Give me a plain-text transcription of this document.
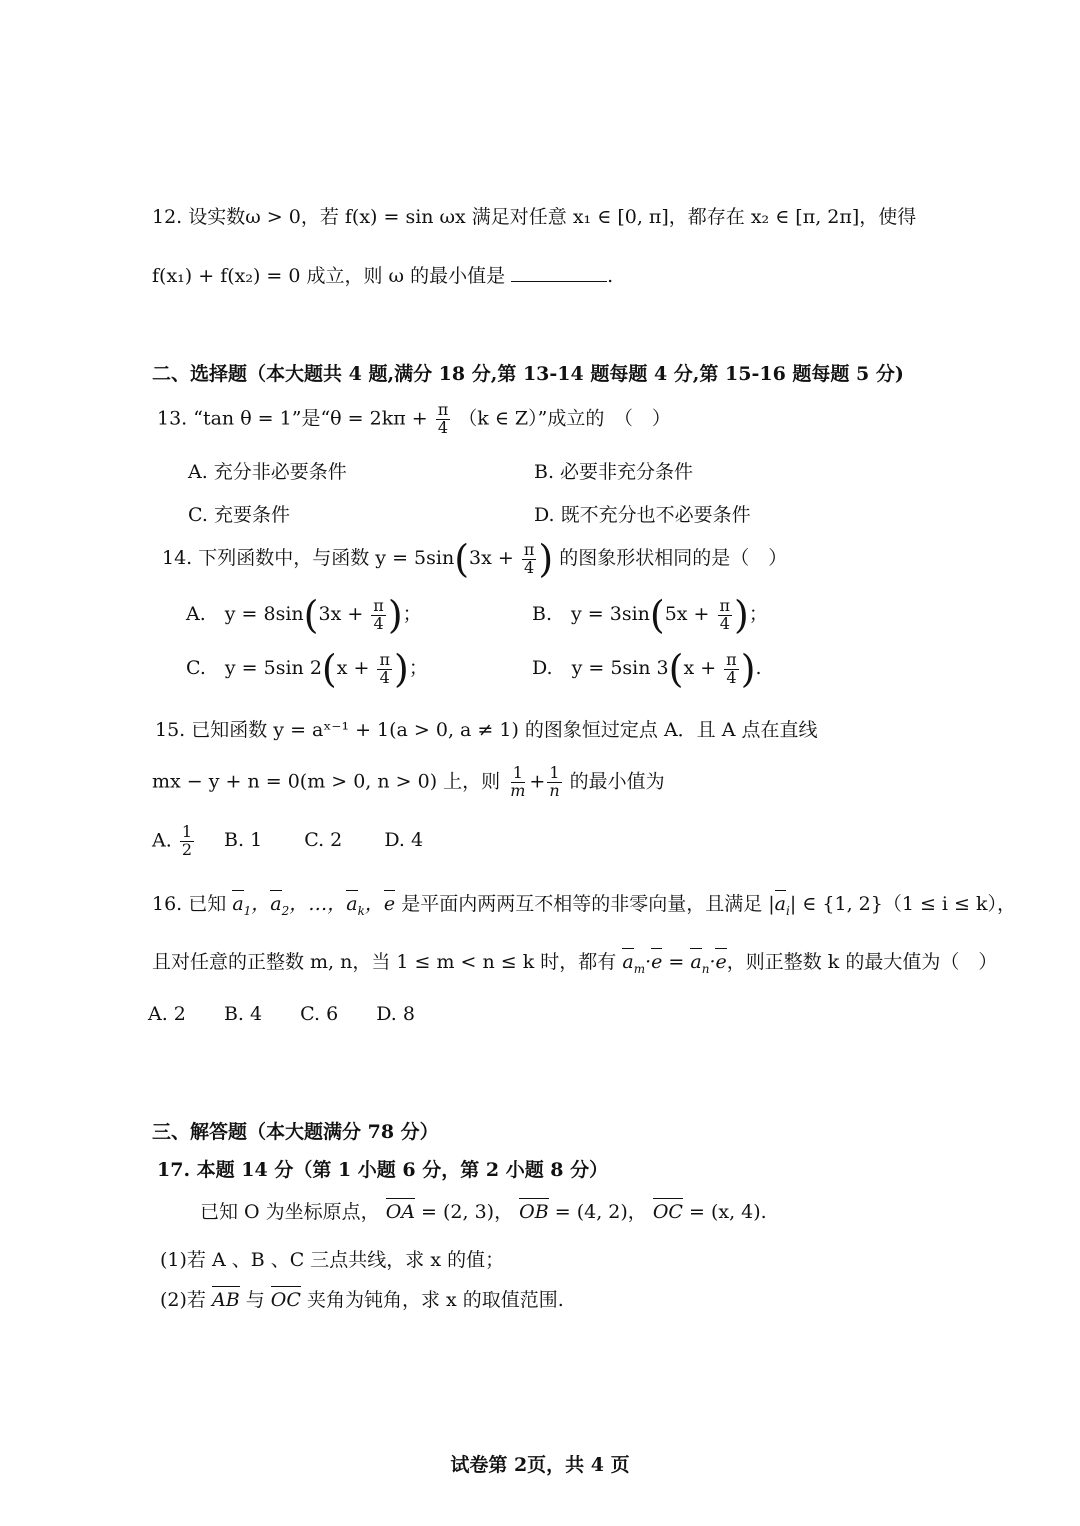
12. 设实数ω > 0，若 f(x) = sin ωx 满足对任意 x₁ ∈ [0, π]，都存在 x₂ ∈ [π, 2π]，使得
f(x₁) + f(x₂) = 0 成立，则 ω 的最小值是	.
二、选择题（本大题共 4 题,满分 18 分,第 13-14 题每题 4 分,第 15-16 题每题 5 分)
13. “tan θ = 1”是“$\theta = 2k\pi + \frac{\pi}{4} (k$ ∈ Z）”成立的　（　）
A. 充分非必要条件	B. 必要非充分条件
C. 充要条件	D. 既不充分也不必要条件
14. 下列函数中，与函数 $y = 5\sin(3x + \frac{\pi}{4}$ ) 的图象形状相同的是（　）
A.　$y = 8\sin(3x + \frac{\pi}{4}$ )；	B.　$y = 3\sin(5x + \frac{\pi}{4}$ )；
C.　y = 5sin $2(x + \frac{\pi}{4}$ )；	D.　y = 5sin $3(x + \frac{\pi}{4}$ ).
15. 已知函数 y = aˣ⁻¹ + 1(a > 0, a ≠ 1) 的图象恒过定点 A．且 A 点在直线
mx − y + n = 0(m > 0, n > 0) 上，则 $\frac{1}{m} + \frac{1}{n}$ 的最小值为
A. $\frac{1}{2} B$. 1 C. 2 D. 4
16. 已知 $a_1$，$a_2$，…，$a_k$，e 是平面内两两互不相等的非零向量，且满足 $|a_i|$ ∈ {1, 2}（1 ≤ i ≤ k），
且对任意的正整数 m, n，当 1 ≤ m < n ≤ k 时，都有 $a_m\cdot e = a_n\cdot e$，则正整数 k 的最大值为（　）
A. 2 B. 4 C. 6 D. 8
三、解答题（本大题满分 78 分）
17. 本题 14 分（第 1 小题 6 分，第 2 小题 8 分）
已知 O 为坐标原点， OA = (2, 3)， OB = (4, 2)， OC = (x, 4).
(1)若 A 、B 、C 三点共线，求 x 的值；
(2)若 AB 与 OC 夹角为钝角，求 x 的取值范围.
试卷第 2页，共 4 页
